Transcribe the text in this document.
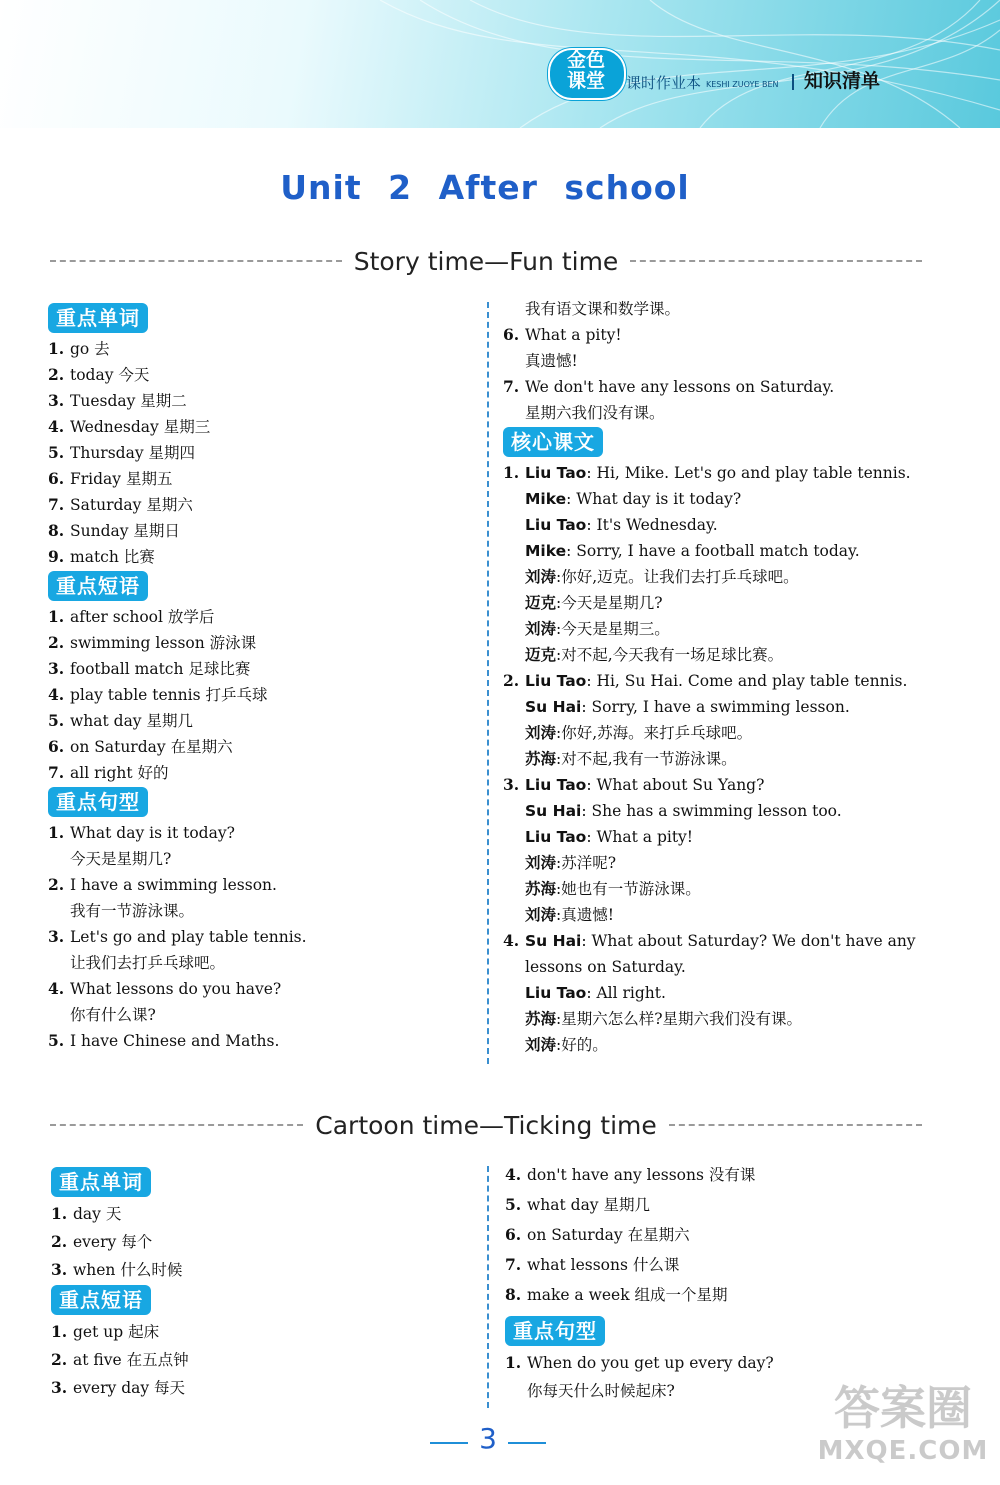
金色
课堂	课时作业本 KESHI ZUOYE BEN 知识清单
Unit 2 After school
Story time—Fun time
重点单词
1. go 去
2. today 今天
3. Tuesday 星期二
4. Wednesday 星期三
5. Thursday 星期四
6. Friday 星期五
7. Saturday 星期六
8. Sunday 星期日
9. match 比赛
重点短语
1. after school 放学后
2. swimming lesson 游泳课
3. football match 足球比赛
4. play table tennis 打乒乓球
5. what day 星期几
6. on Saturday 在星期六
7. all right 好的
重点句型
1. What day is it today?
今天是星期几?
2. I have a swimming lesson.
我有一节游泳课。
3. Let's go and play table tennis.
让我们去打乒乓球吧。
4. What lessons do you have?
你有什么课?
5. I have Chinese and Maths.
我有语文课和数学课。
6. What a pity!
真遗憾!
7. We don't have any lessons on Saturday.
星期六我们没有课。
核心课文
1. Liu Tao : Hi, Mike. Let's go and play table tennis.
Mike : What day is it today?
Liu Tao : It's Wednesday.
Mike : Sorry, I have a football match today.
刘涛 :你好,迈克。让我们去打乒乓球吧。
迈克 :今天是星期几?
刘涛 :今天是星期三。
迈克 :对不起,今天我有一场足球比赛。
2. Liu Tao : Hi, Su Hai. Come and play table tennis.
Su Hai : Sorry, I have a swimming lesson.
刘涛 :你好,苏海。来打乒乓球吧。
苏海 :对不起,我有一节游泳课。
3. Liu Tao : What about Su Yang?
Su Hai : She has a swimming lesson too.
Liu Tao : What a pity!
刘涛 :苏洋呢?
苏海 :她也有一节游泳课。
刘涛 :真遗憾!
4. Su Hai : What about Saturday? We don't have any
lessons on Saturday.
Liu Tao : All right.
苏海 :星期六怎么样?星期六我们没有课。
刘涛 :好的。
Cartoon time—Ticking time
重点单词
1. day 天
2. every 每个
3. when 什么时候
重点短语
1. get up 起床
2. at five 在五点钟
3. every day 每天
4. don't have any lessons 没有课
5. what day 星期几
6. on Saturday 在星期六
7. what lessons 什么课
8. make a week 组成一个星期
重点句型
1. When do you get up every day?
你每天什么时候起床?
3
答案圈
MXQE.COM
